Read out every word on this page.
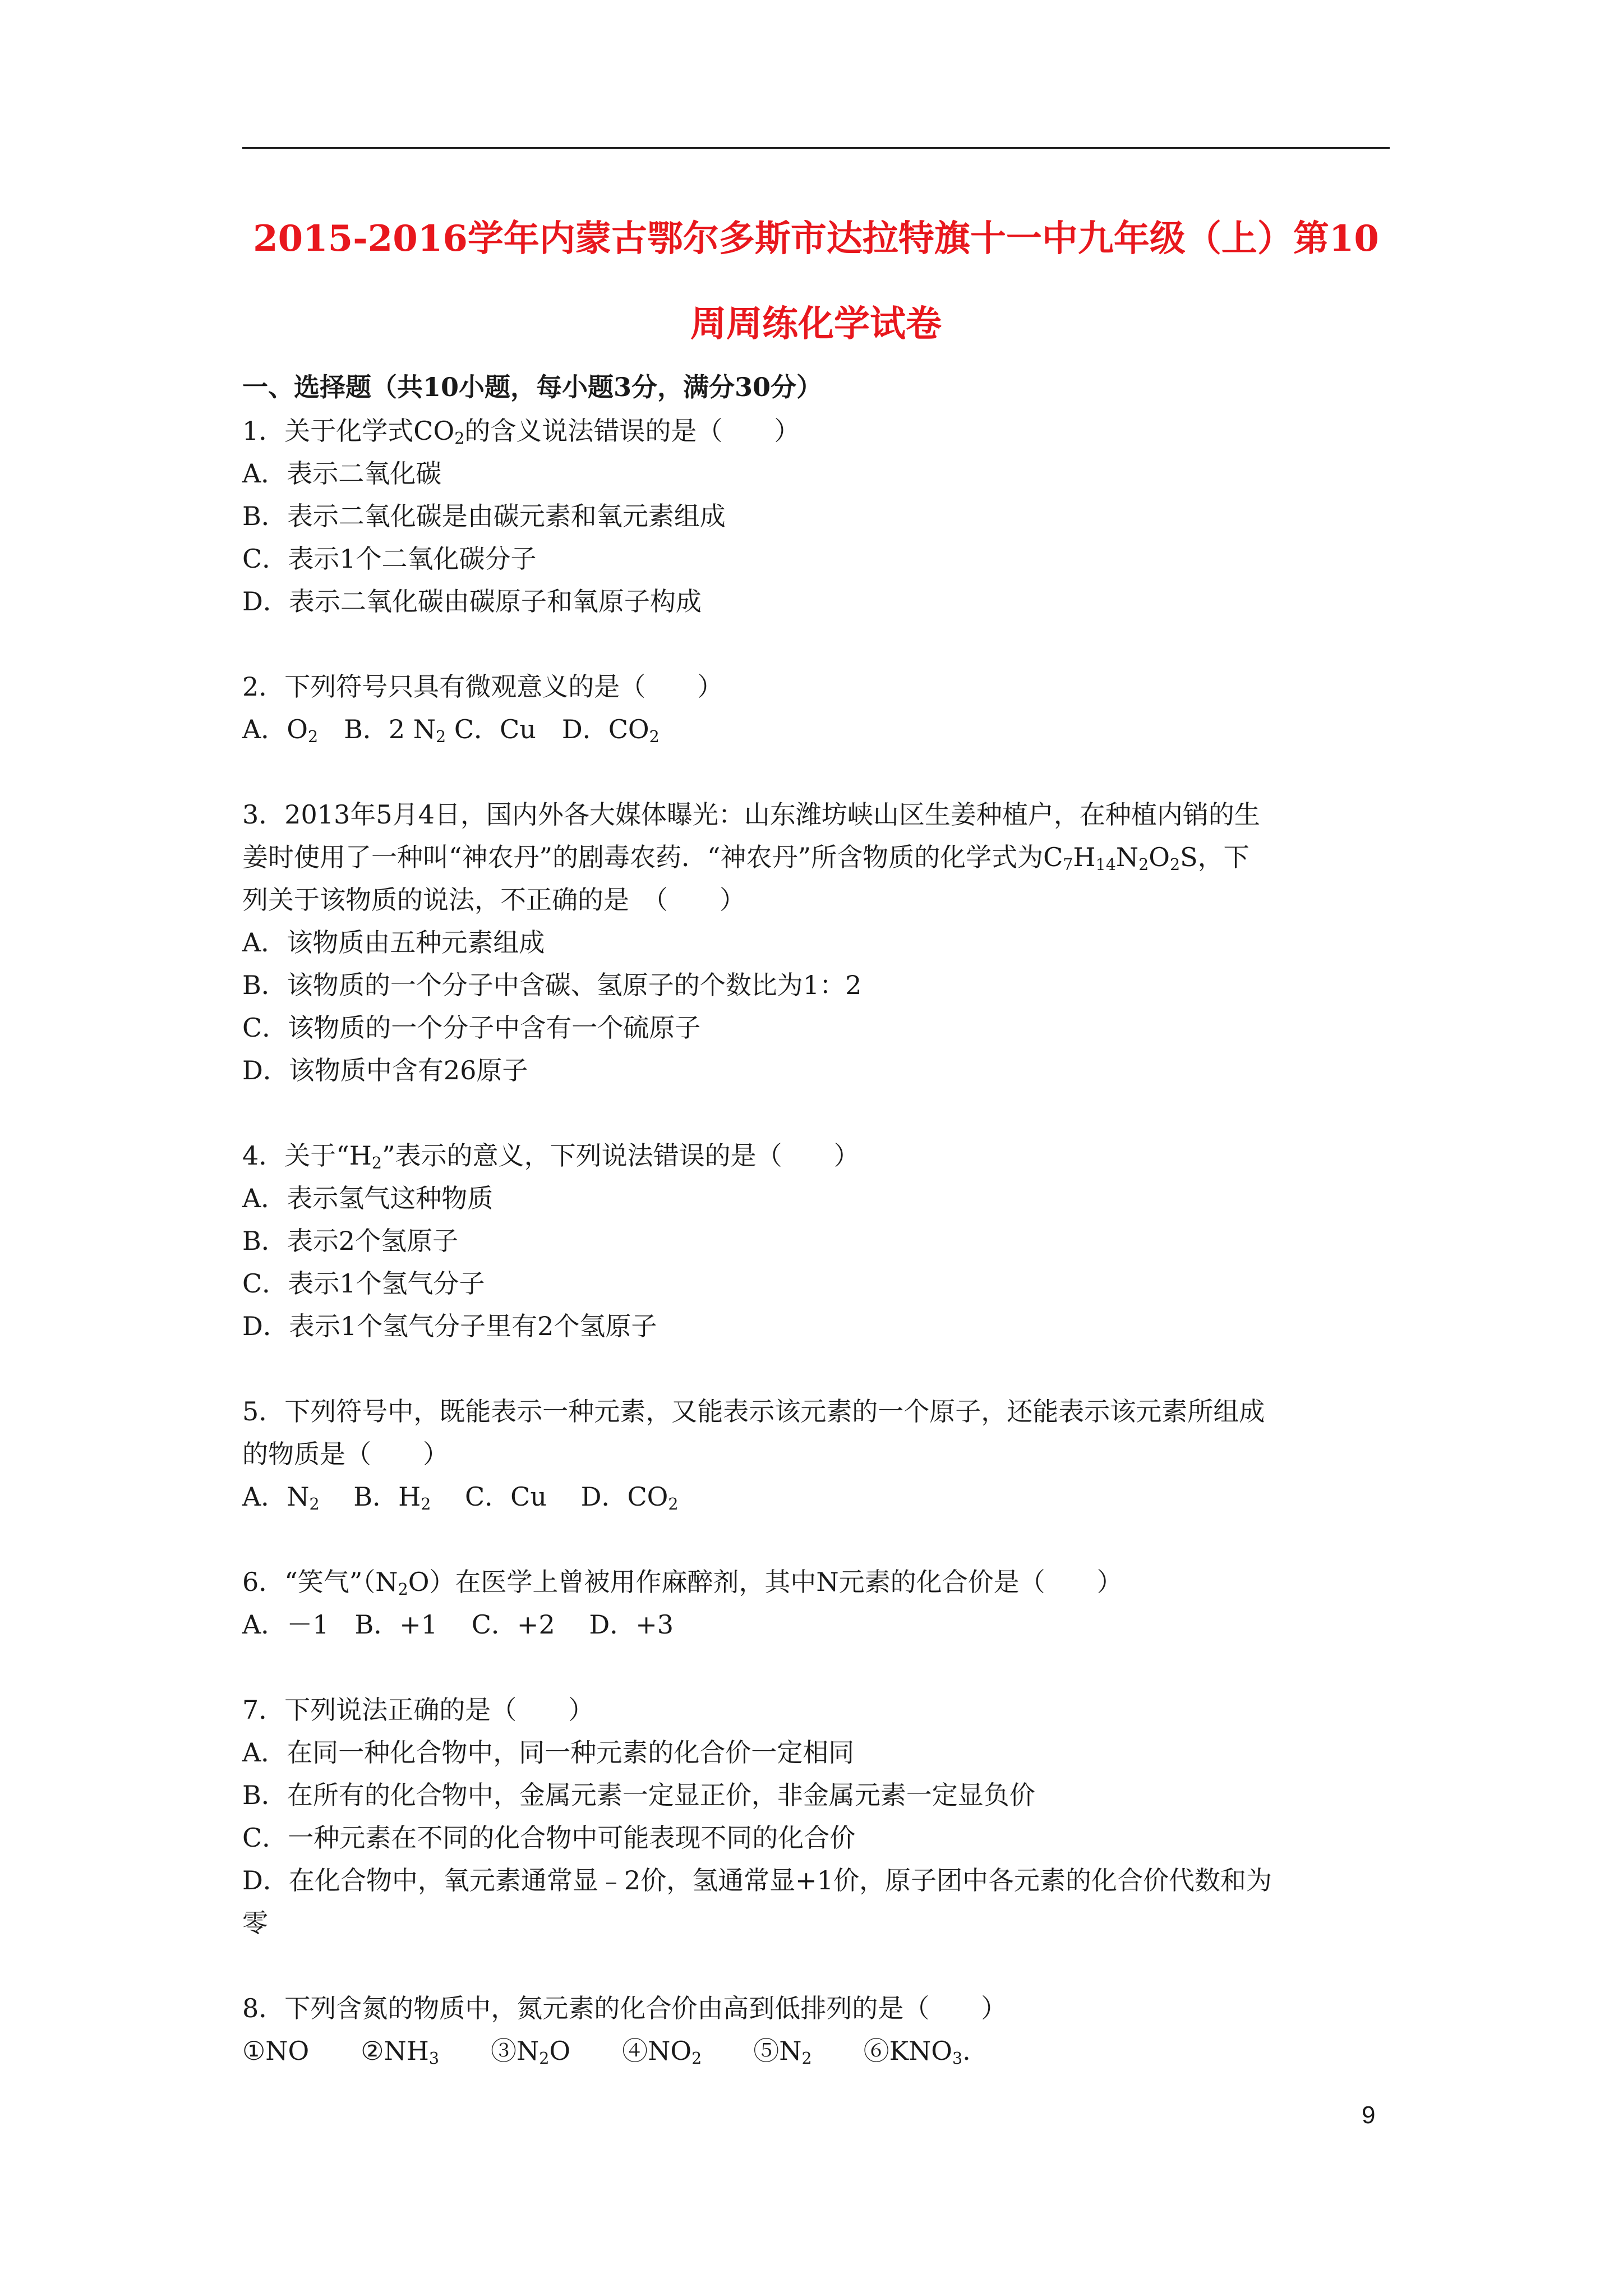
2015-2016学年内蒙古鄂尔多斯市达拉特旗十一中九年级（上）第10
周周练化学试卷
一、选择题（共10小题，每小题3分，满分30分）
1．关于化学式$CO_2$的含义说法错误的是（　　）
A．表示二氧化碳
B．表示二氧化碳是由碳元素和氧元素组成
C．表示1个二氧化碳分子
D．表示二氧化碳由碳原子和氧原子构成
2．下列符号只具有微观意义的是（　　）
A．$O_2$　B．2 $N_2$ C．Cu　D．$CO_2$
3．2013年5月4日，国内外各大媒体曝光：山东潍坊峡山区生姜种植户，在种植内销的生
姜时使用了一种叫“神农丹”的剧毒农药．“神农丹”所含物质的化学式为$C_7H_{14}N_2O_2S$，下
列关于该物质的说法，不正确的是　（　　）
A．该物质由五种元素组成
B．该物质的一个分子中含碳、氢原子的个数比为1：2
C．该物质的一个分子中含有一个硫原子
D．该物质中含有26原子
4．关于“$H_2$”表示的意义，下列说法错误的是（　　）
A．表示氢气这种物质
B．表示2个氢原子
C．表示1个氢气分子
D．表示1个氢气分子里有2个氢原子
5．下列符号中，既能表示一种元素，又能表示该元素的一个原子，还能表示该元素所组成
的物质是（　　）
A．$N_2$　 B．$H_2$　 C．Cu　 D．$CO_2$
6．“笑气$”(N_2O)$在医学上曾被用作麻醉剂，其中N元素的化合价是（　　）
A．－1　B．+1　 C．+2　 D．+3
7．下列说法正确的是（　　）
A．在同一种化合物中，同一种元素的化合价一定相同
B．在所有的化合物中，金属元素一定显正价，非金属元素一定显负价
C．一种元素在不同的化合物中可能表现不同的化合价
D．在化合物中，氧元素通常显﹣2价，氢通常显+1价，原子团中各元素的化合价代数和为
零
8．下列含氮的物质中，氮元素的化合价由高到低排列的是（　　）
①NO　　$②NH_3$　　$③N_2O$　　$④NO_2$　　$⑤N_2$　　$⑥KNO_3$.
9
